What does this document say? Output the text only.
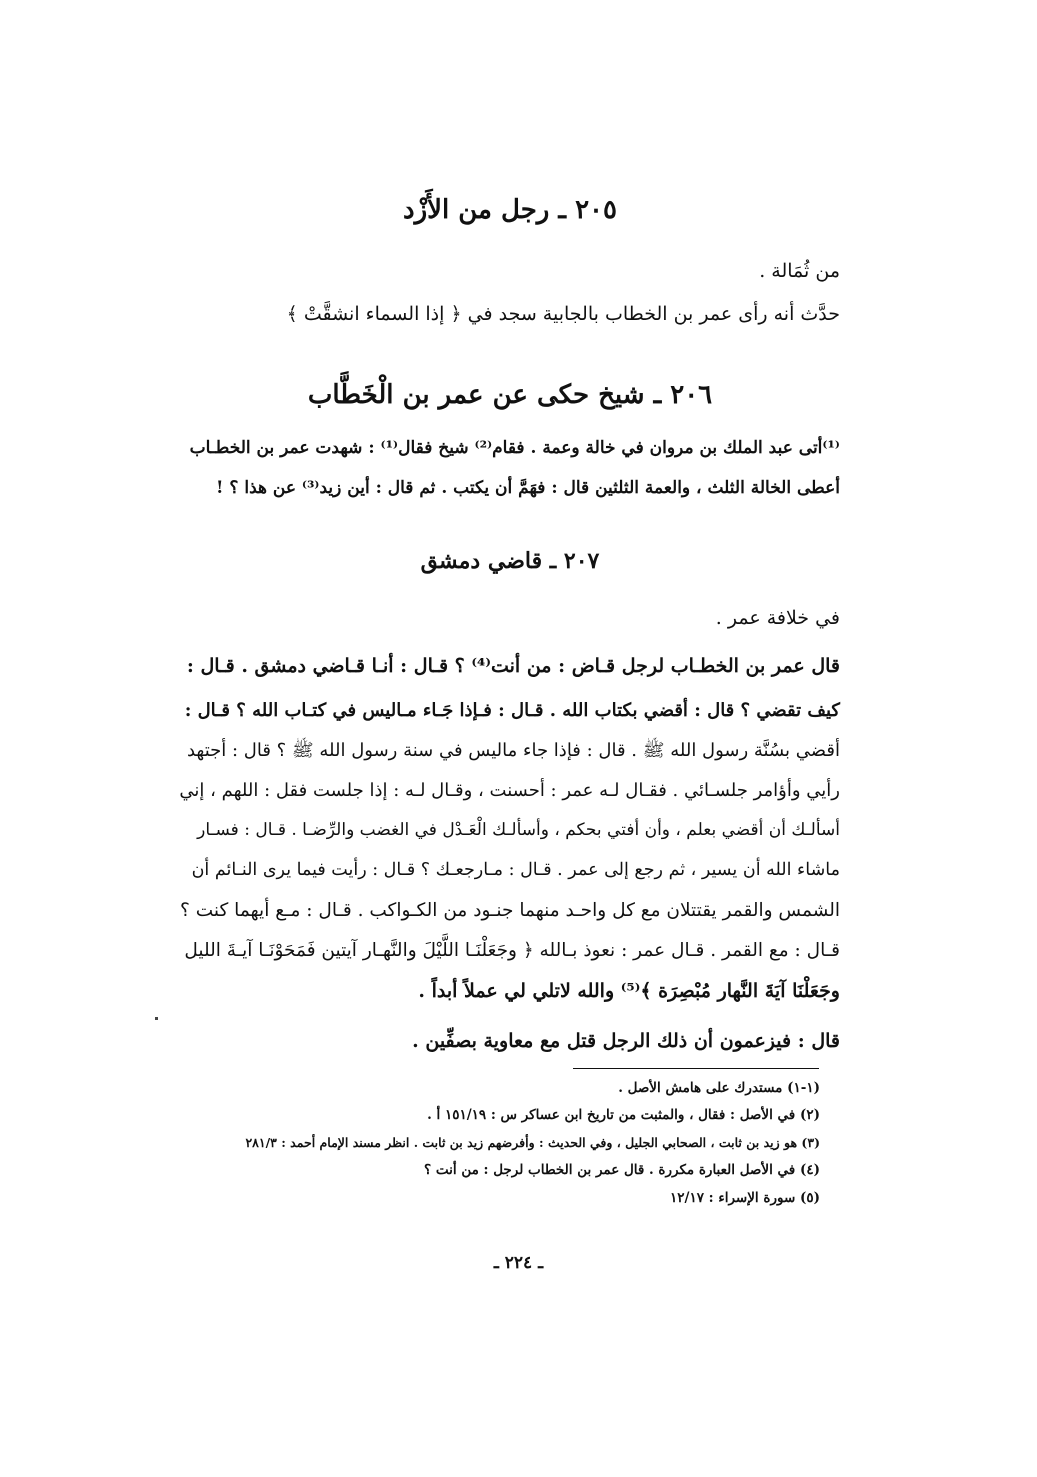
٢٠٥ ـ رجل من الأَزْد
من ثُمَالة .
حدَّث أنه رأى عمر بن الخطاب بالجابية سجد في ﴿ إذا السماء انشقَّتْ ﴾
٢٠٦ ـ شيخ حكى عن عمر بن الْخَطَّاب
⁽¹⁾أتى عبد الملك بن مروان في خالة وعمة . فقام⁽²⁾ شيخ فقال⁽¹⁾ : شهدت عمر بن الخطـاب
أعطى الخالة الثلث ، والعمة الثلثين قال : فهَمَّ أن يكتب . ثم قال : أين زيد⁽³⁾ عن هذا ؟ !
٢٠٧ ـ قاضي دمشق
في خلافة عمر .
قال عمر بن الخطـاب لرجل قـاض : من أنت⁽⁴⁾ ؟ قـال : أنـا قـاضي دمشق . قـال :
كيف تقضي ؟ قال : أقضي بكتاب الله . قـال : فـإذا جَـاء مـاليس في كتـاب الله ؟ قـال :
أقضي بسُنَّة رسول الله ﷺ . قال : فإذا جاء ماليس في سنة رسول الله ﷺ ؟ قال : أجتهد
رأيي وأؤامر جلسـائي . فقـال لـه عمر : أحسنت ، وقـال لـه : إذا جلست فقل : اللهم ، إني
أسألـك أن أقضي بعلم ، وأن أفتي بحكم ، وأسألـك الْعَـدْل في الغضب والرِّضـا . قـال : فسـار
ماشاء الله أن يسير ، ثم رجع إلى عمر . قـال : مـارجعـك ؟ قـال : رأيت فيما يرى النـائم أن
الشمس والقمر يقتتلان مع كل واحـد منهما جنـود من الكـواكب . قـال : مـع أيهما كنت ؟
قـال : مع القمر . قـال عمر : نعوذ بـالله ﴿ وجَعَلْنَـا اللَّيْلَ والنَّهـار آيتين فَمَحَوْنَـا آيـةَ الليل
وجَعَلْنَا آيَةَ النَّهار مُبْصِرَة ﴾⁽⁵⁾ والله لاتلي لي عملاً أبداً .
قال : فيزعمون أن ذلك الرجل قتل مع معاوية بصفِّين .
(١-١) مستدرك على هامش الأصل .
(٢) في الأصل : فقال ، والمثبت من تاريخ ابن عساكر س : ١٥١/١٩ أ .
(٣) هو زيد بن ثابت ، الصحابي الجليل ، وفي الحديث : وأفرضهم زيد بن ثابت . انظر مسند الإمام أحمد : ٢٨١/٣
(٤) في الأصل العبارة مكررة . قال عمر بن الخطاب لرجل : من أنت ؟
(٥) سورة الإسراء : ١٢/١٧
ـ ٢٢٤ ـ
